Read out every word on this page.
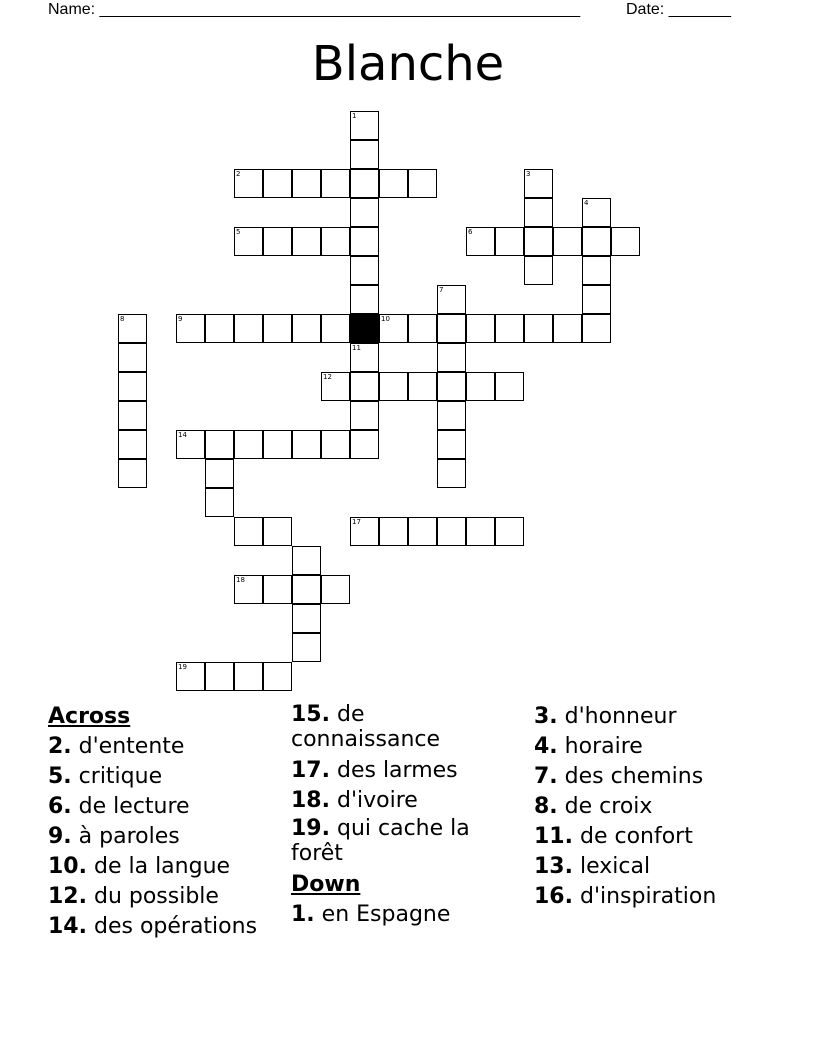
Name: ______________________________________________________	Date: _______
Blanche
1
11
2
5	6
3
4
9	10
8
7
12
14
17
18
19
Across
2. d'entente
5. critique
6. de lecture
9. à paroles
10. de la langue
12. du possible
14. des opérations
15. de connaissance
17. des larmes
18. d'ivoire
19. qui cache la forêt
Down
1. en Espagne
3. d'honneur
4. horaire
7. des chemins
8. de croix
11. de confort
13. lexical
16. d'inspiration
